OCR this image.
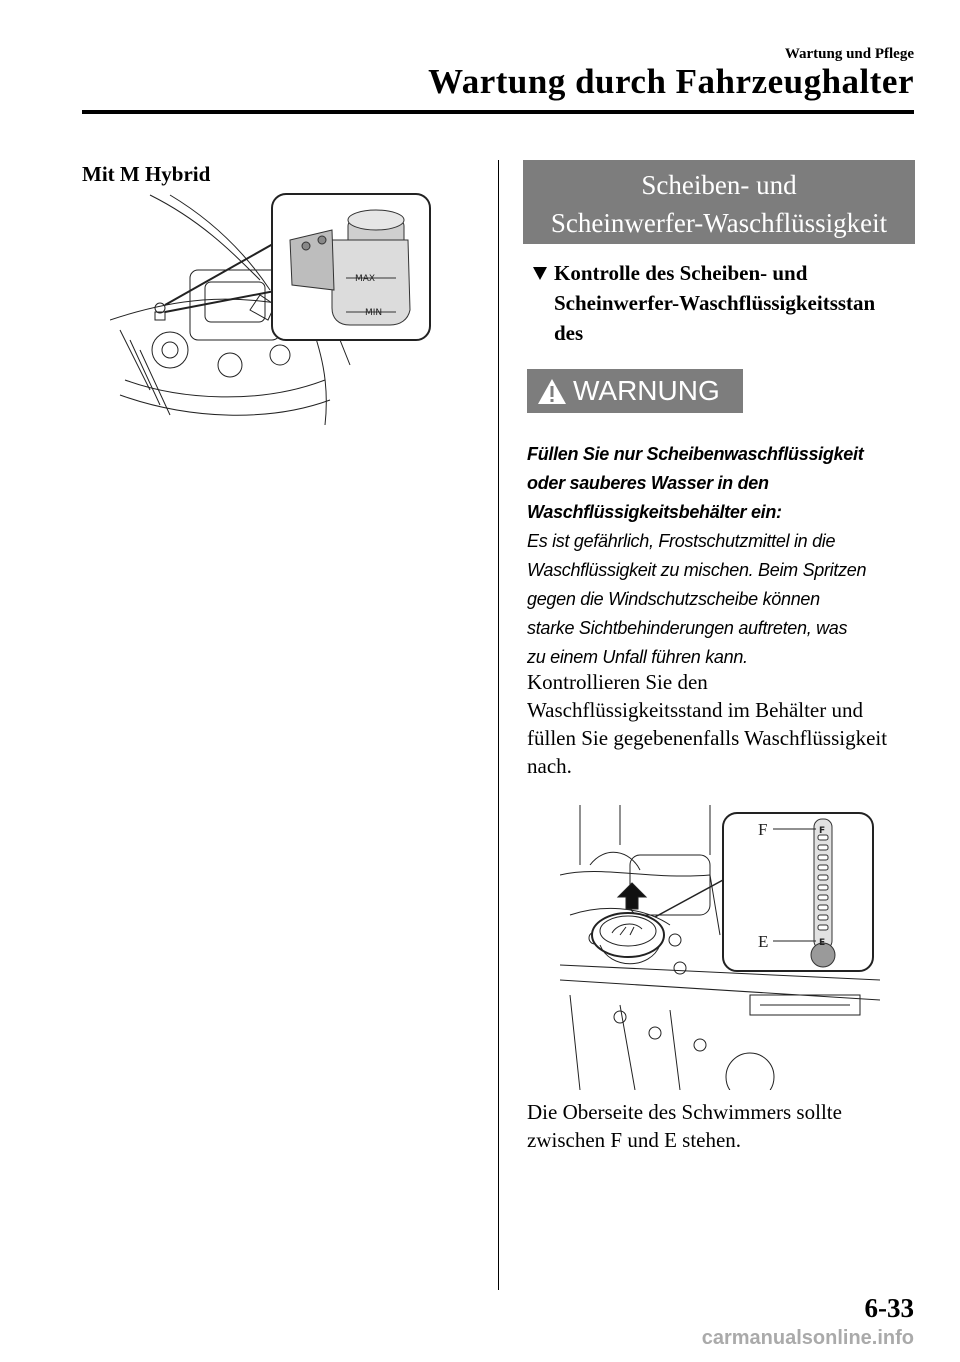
Wartung und Pflege
Wartung durch Fahrzeughalter
Mit M Hybrid
MAX
MIN
Scheiben- und
Scheinwerfer-Waschflüssigkeit
Kontrolle des Scheiben- und
Scheinwerfer-Waschflüssigkeitsstan
des
WARNUNG
Füllen Sie nur Scheibenwaschflüssigkeit
oder sauberes Wasser in den
Waschflüssigkeitsbehälter ein:
Es ist gefährlich, Frostschutzmittel in die
Waschflüssigkeit zu mischen. Beim Spritzen
gegen die Windschutzscheibe können
starke Sichtbehinderungen auftreten, was
zu einem Unfall führen kann.
Kontrollieren Sie den
Waschflüssigkeitsstand im Behälter und
füllen Sie gegebenenfalls Waschflüssigkeit
nach.
F
E
F
E
Die Oberseite des Schwimmers sollte
zwischen F und E stehen.
6-33
carmanualsonline.info
